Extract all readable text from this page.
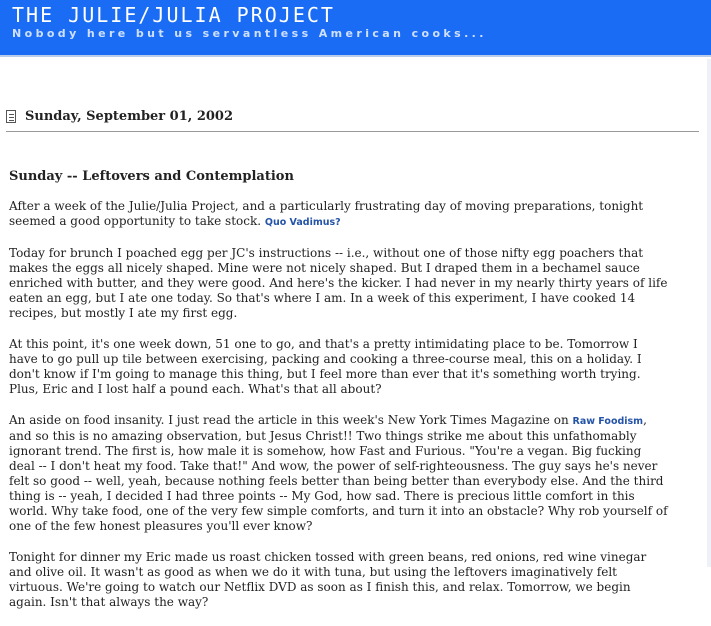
THE JULIE/JULIA PROJECT
Nobody here but us servantless American cooks...
Sunday, September 01, 2002
Sunday -- Leftovers and Contemplation

After a week of the Julie/Julia Project, and a particularly frustrating day of moving preparations, tonight seemed a good opportunity to take stock. Quo Vadimus?

Today for brunch I poached egg per JC's instructions -- i.e., without one of those nifty egg poachers that makes the eggs all nicely shaped. Mine were not nicely shaped. But I draped them in a bechamel sauce enriched with butter, and they were good. And here's the kicker. I had never in my nearly thirty years of life eaten an egg, but I ate one today. So that's where I am. In a week of this experiment, I have cooked 14 recipes, but mostly I ate my first egg.

At this point, it's one week down, 51 one to go, and that's a pretty intimidating place to be. Tomorrow I have to go pull up tile between exercising, packing and cooking a three-course meal, this on a holiday. I don't know if I'm going to manage this thing, but I feel more than ever that it's something worth trying. Plus, Eric and I lost half a pound each. What's that all about?

An aside on food insanity. I just read the article in this week's New York Times Magazine on Raw Foodism, and so this is no amazing observation, but Jesus Christ!! Two things strike me about this unfathomably ignorant trend. The first is, how male it is somehow, how Fast and Furious. "You're a vegan. Big fucking deal -- I don't heat my food. Take that!" And wow, the power of self-righteousness. The guy says he's never felt so good -- well, yeah, because nothing feels better than being better than everybody else. And the third thing is -- yeah, I decided I had three points -- My God, how sad. There is precious little comfort in this world. Why take food, one of the very few simple comforts, and turn it into an obstacle? Why rob yourself of one of the few honest pleasures you'll ever know?

Tonight for dinner my Eric made us roast chicken tossed with green beans, red onions, red wine vinegar and olive oil. It wasn't as good as when we do it with tuna, but using the leftovers imaginatively felt virtuous. We're going to watch our Netflix DVD as soon as I finish this, and relax. Tomorrow, we begin again. Isn't that always the way?
